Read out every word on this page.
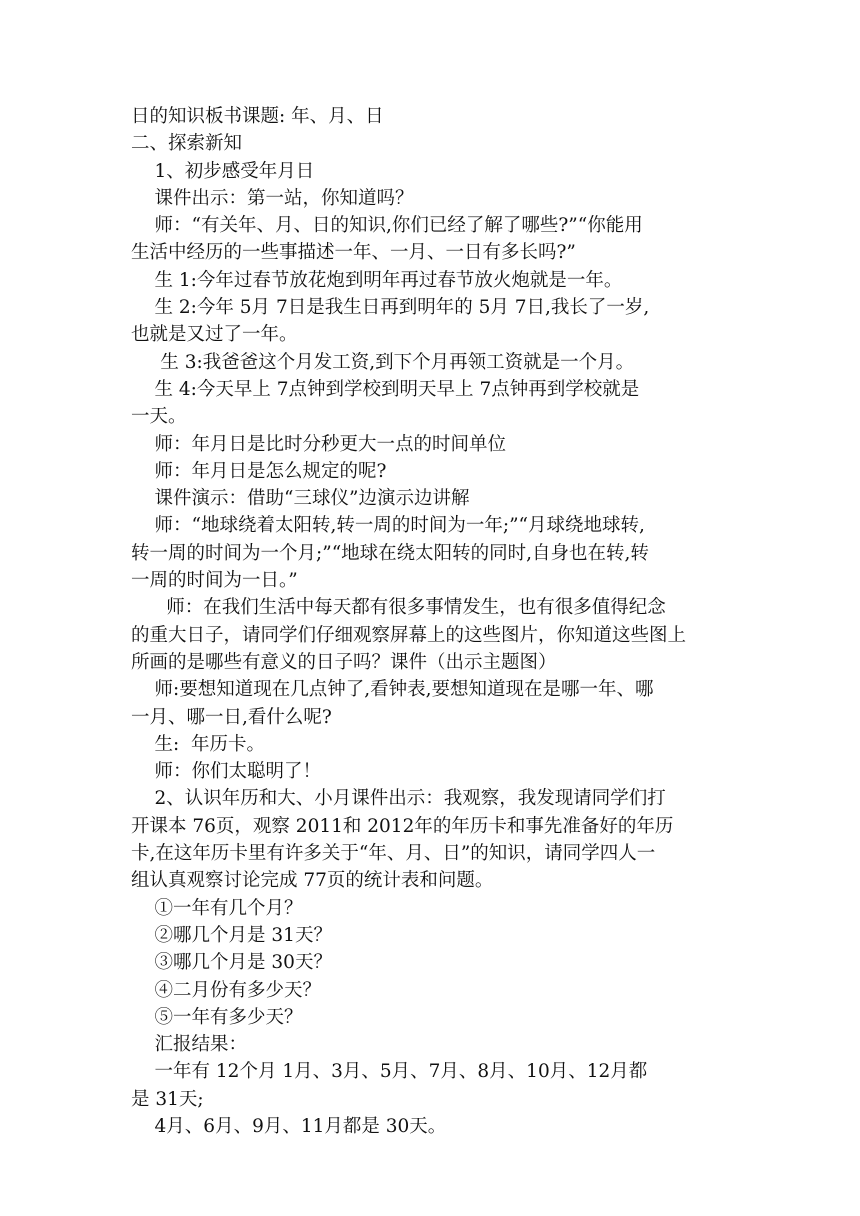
日的知识板书课题: 年、月、日
二、探索新知
1、初步感受年月日
课件出示：第一站，你知道吗？
师：“有关年、月、日的知识,你们已经了解了哪些?”“你能用
生活中经历的一些事描述一年、一月、一日有多长吗?”
生 1:今年过春节放花炮到明年再过春节放火炮就是一年。
生 2:今年 5月 7日是我生日再到明年的 5月 7日,我长了一岁,
也就是又过了一年。
生 3:我爸爸这个月发工资,到下个月再领工资就是一个月。
生 4:今天早上 7点钟到学校到明天早上 7点钟再到学校就是
一天。
师：年月日是比时分秒更大一点的时间单位
师：年月日是怎么规定的呢?
课件演示：借助“三球仪”边演示边讲解
师：“地球绕着太阳转,转一周的时间为一年;”“月球绕地球转,
转一周的时间为一个月;”“地球在绕太阳转的同时,自身也在转,转
一周的时间为一日。”
师：在我们生活中每天都有很多事情发生，也有很多值得纪念
的重大日子，请同学们仔细观察屏幕上的这些图片，你知道这些图上
所画的是哪些有意义的日子吗？课件（出示主题图）
师:要想知道现在几点钟了,看钟表,要想知道现在是哪一年、哪
一月、哪一日,看什么呢?
生:  年历卡。
师：你们太聪明了！
2、认识年历和大、小月课件出示：我观察，我发现请同学们打
开课本 76页，观察 2011和 2012年的年历卡和事先准备好的年历
卡,在这年历卡里有许多关于“年、月、日”的知识，请同学四人一
组认真观察讨论完成 77页的统计表和问题。
①一年有几个月？
②哪几个月是 31天？
③哪几个月是 30天？
④二月份有多少天？
⑤一年有多少天？
汇报结果：
一年有 12个月 1月、3月、5月、7月、8月、10月、12月都
是 31天;
4月、6月、9月、11月都是 30天。
